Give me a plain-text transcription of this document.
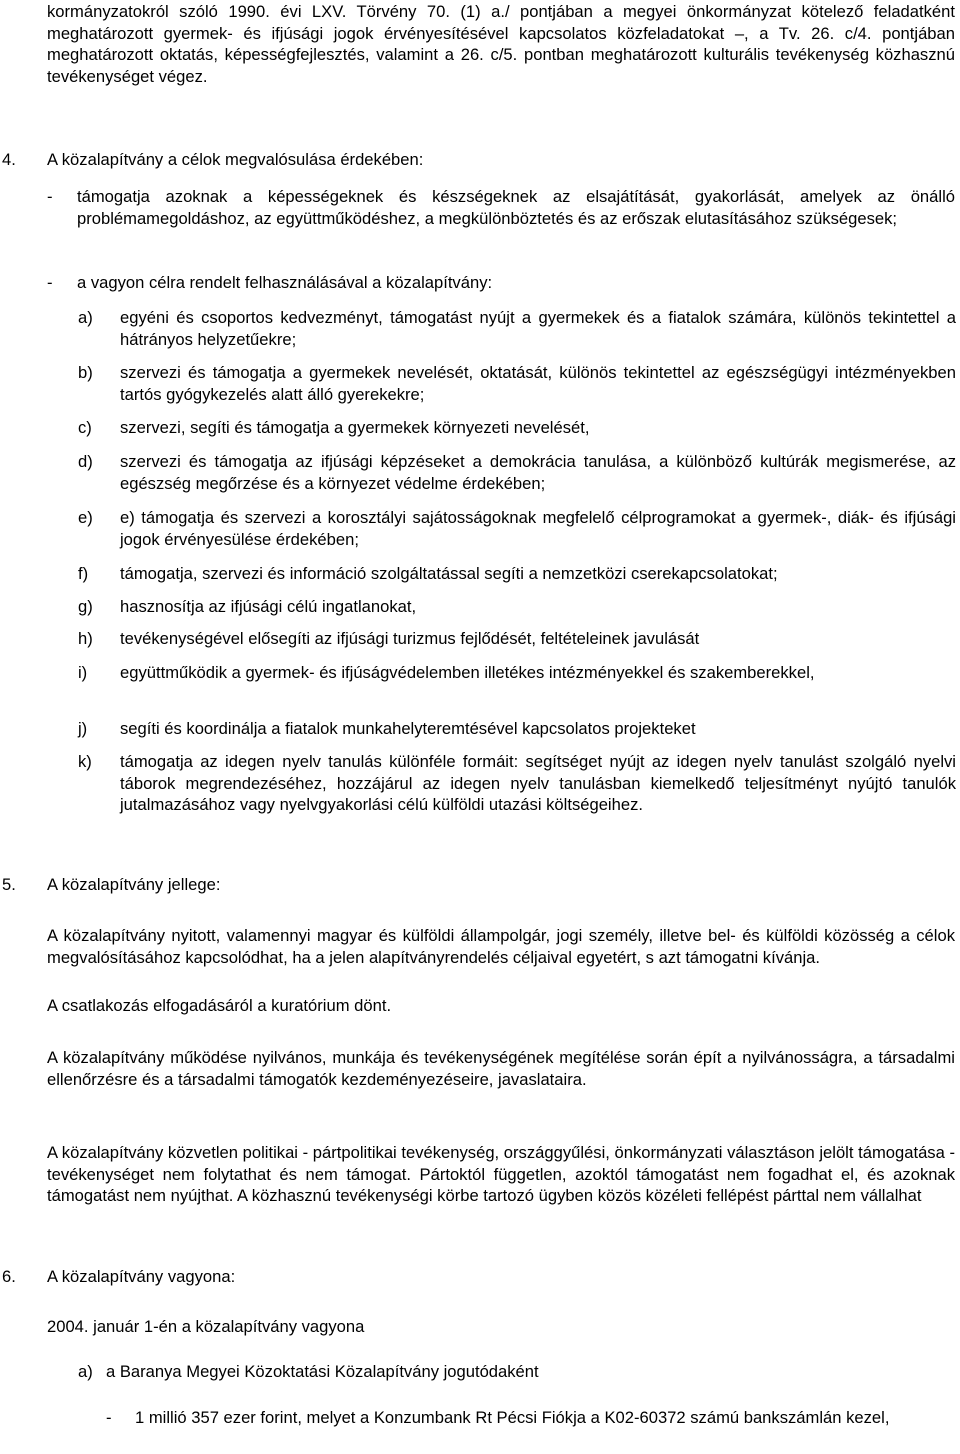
kormányzatokról szóló 1990. évi LXV. Törvény 70. (1) a./ pontjában a megyei önkormányzat kötelező feladatként meghatározott gyermek- és ifjúsági jogok érvényesítésével kapcsolatos közfeladatokat –, a Tv. 26. c/4. pontjában meghatározott oktatás, képességfejlesztés, valamint a 26. c/5. pontban meghatározott kulturális tevékenység közhasznú tevékenységet végez.

4. A közalapítvány a célok megvalósulása érdekében:
- támogatja azoknak a képességeknek és készségeknek az elsajátítását, gyakorlását, amelyek az önálló problémamegoldáshoz, az együttműködéshez, a megkülönböztetés és az erőszak elutasításához szükségesek;

- a vagyon célra rendelt felhasználásával a közalapítvány:

a) egyéni és csoportos kedvezményt, támogatást nyújt a gyermekek és a fiatalok számára, különös tekintettel a hátrányos helyzetűekre;

b) szervezi és támogatja a gyermekek nevelését, oktatását, különös tekintettel az egészségügyi intézményekben tartós gyógykezelés alatt álló gyerekekre;

c) szervezi, segíti és támogatja a gyermekek környezeti nevelését,

d) szervezi és támogatja az ifjúsági képzéseket a demokrácia tanulása, a különböző kultúrák megismerése, az egészség megőrzése és a környezet védelme érdekében;

e) e) támogatja és szervezi a korosztályi sajátosságoknak megfelelő célprogramokat a gyermek-, diák- és ifjúsági jogok érvényesülése érdekében;

f) támogatja, szervezi és információ szolgáltatással segíti a nemzetközi cserekapcsolatokat;

g) hasznosítja az ifjúsági célú ingatlanokat,

h) tevékenységével elősegíti az ifjúsági turizmus fejlődését, feltételeinek javulását

i) együttműködik a gyermek- és ifjúságvédelemben illetékes intézményekkel és szakemberekkel,

j) segíti és koordinálja a fiatalok munkahelyteremtésével kapcsolatos projekteket

k) támogatja az idegen nyelv tanulás különféle formáit: segítséget nyújt az idegen nyelv tanulást szolgáló nyelvi táborok megrendezéséhez, hozzájárul az idegen nyelv tanulásban kiemelkedő teljesítményt nyújtó tanulók jutalmazásához vagy nyelvgyakorlási célú külföldi utazási költségeihez.

5. A közalapítvány jellege:

A közalapítvány nyitott, valamennyi magyar és külföldi állampolgár, jogi személy, illetve bel- és külföldi közösség a célok megvalósításához kapcsolódhat, ha a jelen alapítványrendelés céljaival egyetért, s azt támogatni kívánja.

A csatlakozás elfogadásáról a kuratórium dönt.

A közalapítvány működése nyilvános, munkája és tevékenységének megítélése során épít a nyilvánosságra, a társadalmi ellenőrzésre és a társadalmi támogatók kezdeményezéseire, javaslataira.

A közalapítvány közvetlen politikai - pártpolitikai tevékenység, országgyűlési, önkormányzati választáson jelölt támogatása - tevékenységet nem folytathat és nem támogat. Pártoktól független, azoktól támogatást nem fogadhat el, és azoknak támogatást nem nyújthat. A közhasznú tevékenységi körbe tartozó ügyben közös közéleti fellépést párttal nem vállalhat

6. A közalapítvány vagyona:

2004. január 1-én a közalapítvány vagyona

a) a Baranya Megyei Közoktatási Közalapítvány jogutódaként

- 1 millió 357 ezer forint, melyet a Konzumbank Rt Pécsi Fiókja a K02-60372 számú bankszámlán kezel,
